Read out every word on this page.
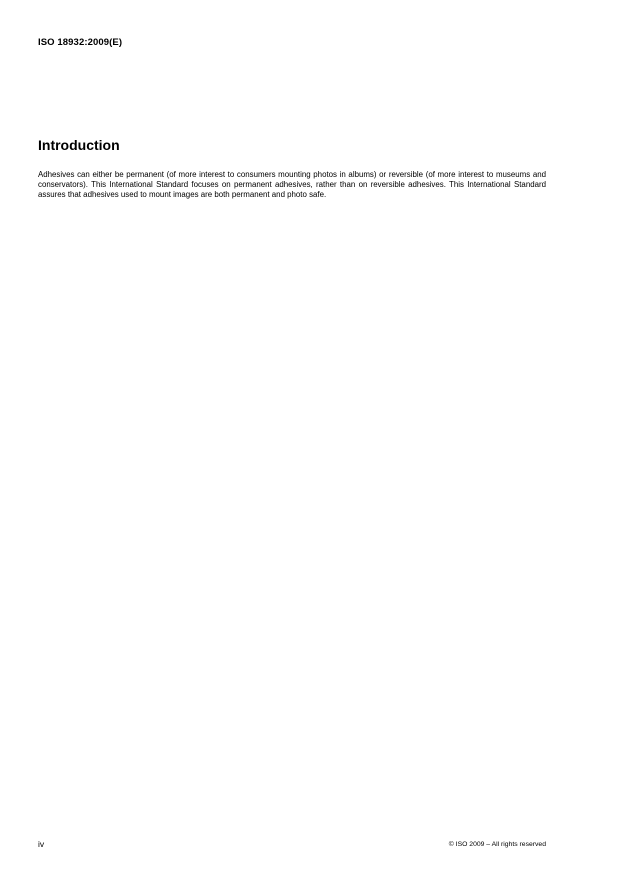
ISO 18932:2009(E)
Introduction

Adhesives can either be permanent (of more interest to consumers mounting photos in albums) or reversible (of more interest to museums and conservators). This International Standard focuses on permanent adhesives, rather than on reversible adhesives. This International Standard assures that adhesives used to mount images are both permanent and photo safe.

iv	© ISO 2009 – All rights reserved
